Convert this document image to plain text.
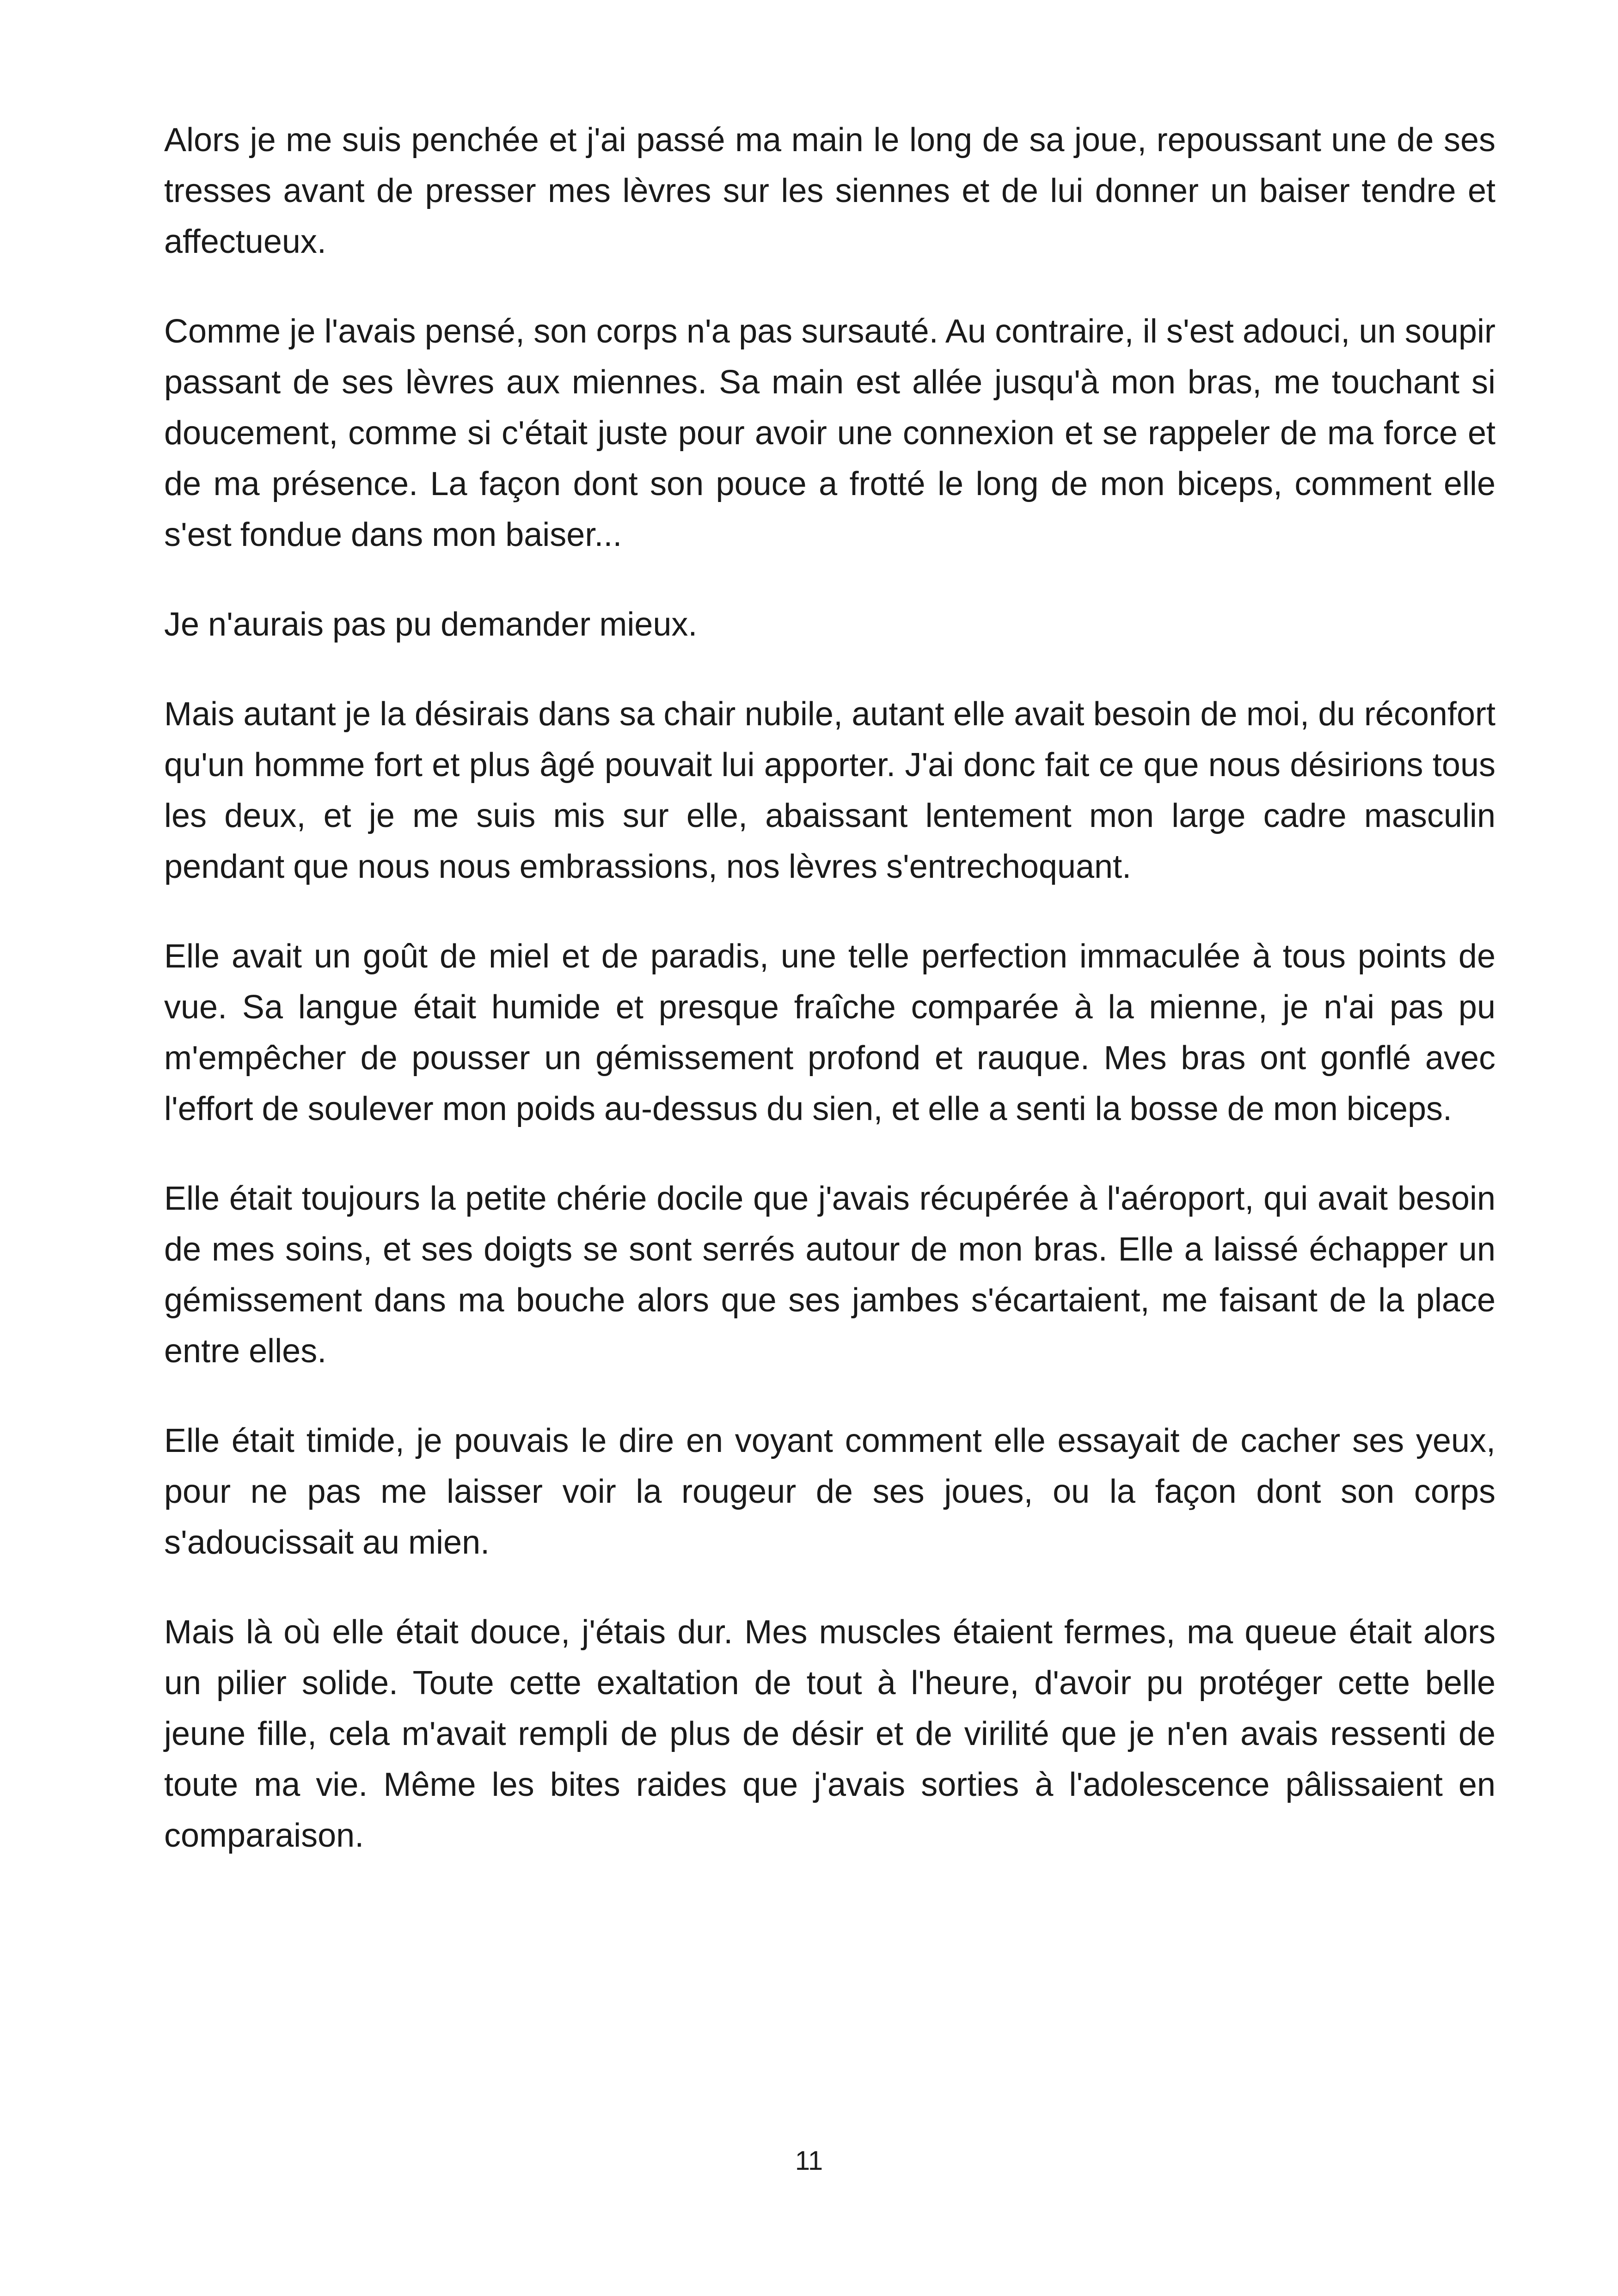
Alors je me suis penchée et j'ai passé ma main le long de sa joue, repoussant une de ses tresses avant de presser mes lèvres sur les siennes et de lui donner un baiser tendre et affectueux.

Comme je l'avais pensé, son corps n'a pas sursauté. Au contraire, il s'est adouci, un soupir passant de ses lèvres aux miennes. Sa main est allée jusqu'à mon bras, me touchant si doucement, comme si c'était juste pour avoir une connexion et se rappeler de ma force et de ma présence. La façon dont son pouce a frotté le long de mon biceps, comment elle s'est fondue dans mon baiser...

Je n'aurais pas pu demander mieux.

Mais autant je la désirais dans sa chair nubile, autant elle avait besoin de moi, du réconfort qu'un homme fort et plus âgé pouvait lui apporter. J'ai donc fait ce que nous désirions tous les deux, et je me suis mis sur elle, abaissant lentement mon large cadre masculin pendant que nous nous embrassions, nos lèvres s'entrechoquant.

Elle avait un goût de miel et de paradis, une telle perfection immaculée à tous points de vue. Sa langue était humide et presque fraîche comparée à la mienne, je n'ai pas pu m'empêcher de pousser un gémissement profond et rauque. Mes bras ont gonflé avec l'effort de soulever mon poids au-dessus du sien, et elle a senti la bosse de mon biceps.

Elle était toujours la petite chérie docile que j'avais récupérée à l'aéroport, qui avait besoin de mes soins, et ses doigts se sont serrés autour de mon bras. Elle a laissé échapper un gémissement dans ma bouche alors que ses jambes s'écartaient, me faisant de la place entre elles.

Elle était timide, je pouvais le dire en voyant comment elle essayait de cacher ses yeux, pour ne pas me laisser voir la rougeur de ses joues, ou la façon dont son corps s'adoucissait au mien.

Mais là où elle était douce, j'étais dur. Mes muscles étaient fermes, ma queue était alors un pilier solide. Toute cette exaltation de tout à l'heure, d'avoir pu protéger cette belle jeune fille, cela m'avait rempli de plus de désir et de virilité que je n'en avais ressenti de toute ma vie. Même les bites raides que j'avais sorties à l'adolescence pâlissaient en comparaison.

11
